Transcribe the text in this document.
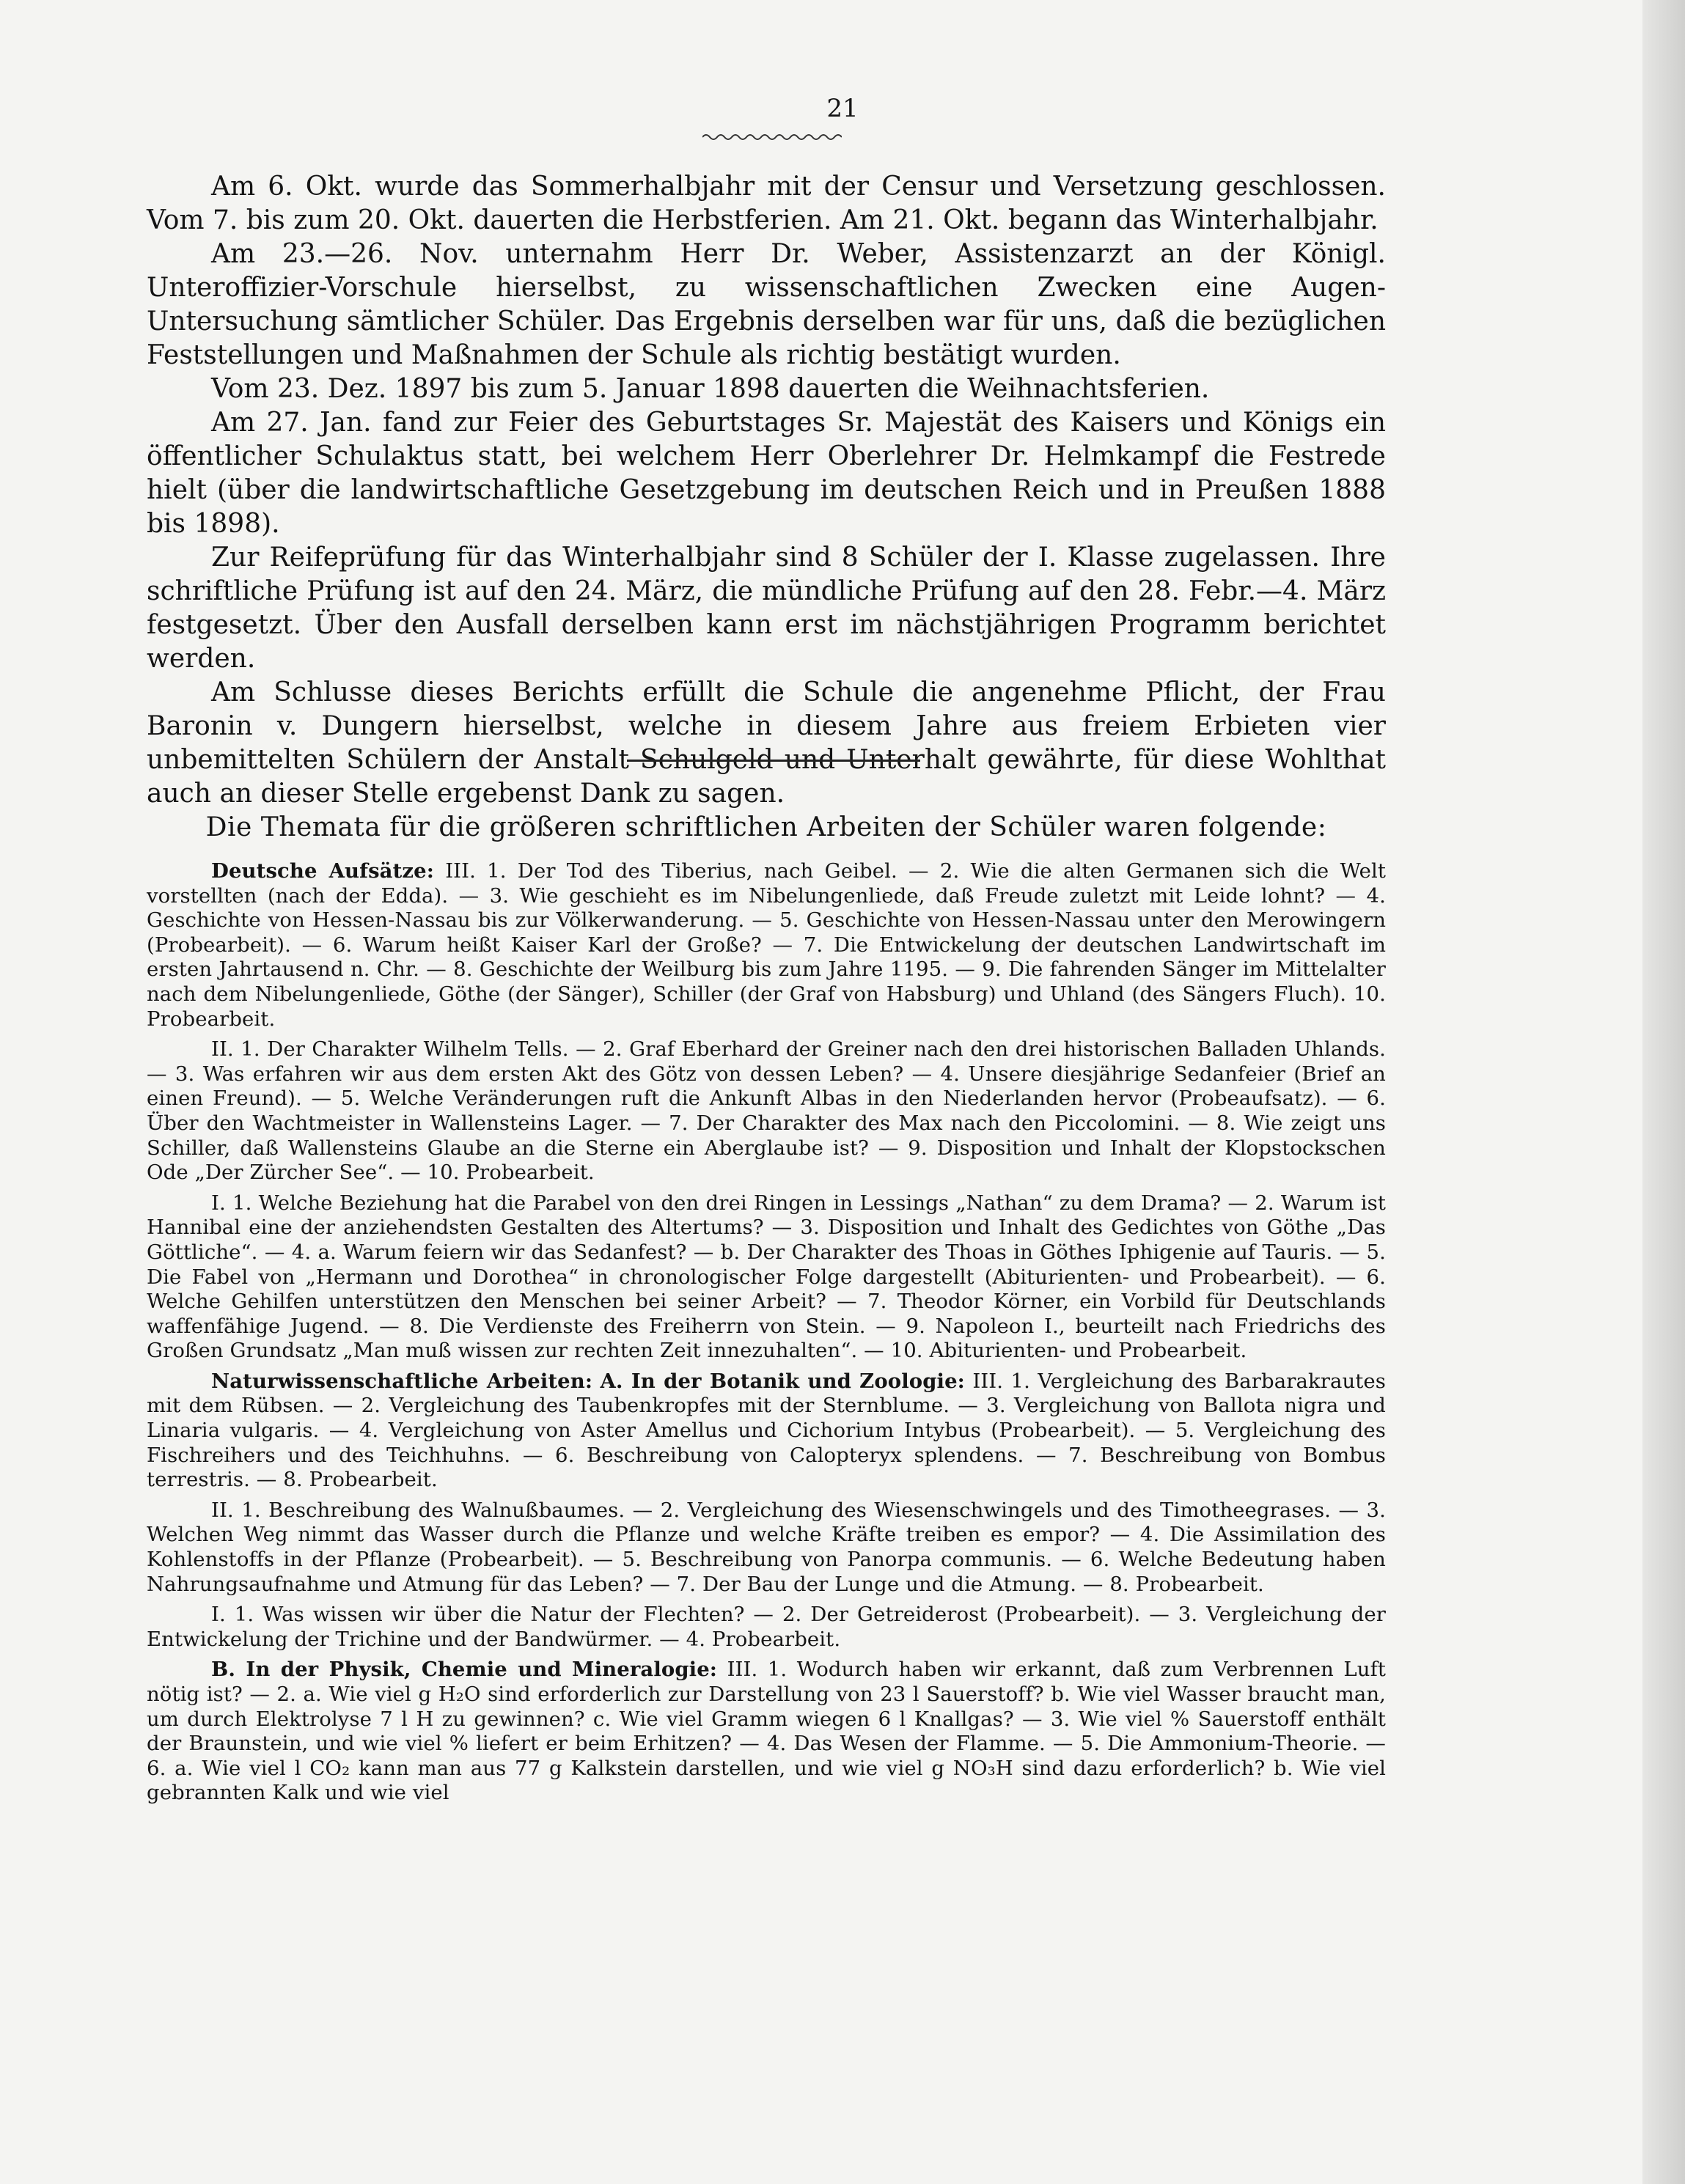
21

Am 6. Okt. wurde das Sommerhalbjahr mit der Censur und Versetzung geschlossen. Vom 7. bis zum 20. Okt. dauerten die Herbstferien. Am 21. Okt. begann das Winterhalbjahr.

Am 23.—26. Nov. unternahm Herr Dr. Weber, Assistenzarzt an der Königl. Unteroffizier-Vorschule hierselbst, zu wissenschaftlichen Zwecken eine Augen-Untersuchung sämtlicher Schüler. Das Ergebnis derselben war für uns, daß die bezüglichen Feststellungen und Maßnahmen der Schule als richtig bestätigt wurden.

Vom 23. Dez. 1897 bis zum 5. Januar 1898 dauerten die Weihnachtsferien.

Am 27. Jan. fand zur Feier des Geburtstages Sr. Majestät des Kaisers und Königs ein öffentlicher Schulaktus statt, bei welchem Herr Oberlehrer Dr. Helmkampf die Festrede hielt (über die landwirtschaftliche Gesetzgebung im deutschen Reich und in Preußen 1888 bis 1898).

Zur Reifeprüfung für das Winterhalbjahr sind 8 Schüler der I. Klasse zugelassen. Ihre schriftliche Prüfung ist auf den 24. März, die mündliche Prüfung auf den 28. Febr.—4. März festgesetzt. Über den Ausfall derselben kann erst im nächstjährigen Programm berichtet werden.

Am Schlusse dieses Berichts erfüllt die Schule die angenehme Pflicht, der Frau Baronin v. Dungern hierselbst, welche in diesem Jahre aus freiem Erbieten vier unbemittelten Schülern der Anstalt Schulgeld und Unterhalt gewährte, für diese Wohlthat auch an dieser Stelle ergebenst Dank zu sagen.

Die Themata für die größeren schriftlichen Arbeiten der Schüler waren folgende:

Deutsche Aufsätze: III. 1. Der Tod des Tiberius, nach Geibel. — 2. Wie die alten Germanen sich die Welt vorstellten (nach der Edda). — 3. Wie geschieht es im Nibelungenliede, daß Freude zuletzt mit Leide lohnt? — 4. Geschichte von Hessen-Nassau bis zur Völkerwanderung. — 5. Geschichte von Hessen-Nassau unter den Merowingern (Probearbeit). — 6. Warum heißt Kaiser Karl der Große? — 7. Die Entwickelung der deutschen Landwirtschaft im ersten Jahrtausend n. Chr. — 8. Geschichte der Weilburg bis zum Jahre 1195. — 9. Die fahrenden Sänger im Mittelalter nach dem Nibelungenliede, Göthe (der Sänger), Schiller (der Graf von Habsburg) und Uhland (des Sängers Fluch). 10. Probearbeit.

II. 1. Der Charakter Wilhelm Tells. — 2. Graf Eberhard der Greiner nach den drei historischen Balladen Uhlands. — 3. Was erfahren wir aus dem ersten Akt des Götz von dessen Leben? — 4. Unsere diesjährige Sedanfeier (Brief an einen Freund). — 5. Welche Veränderungen ruft die Ankunft Albas in den Niederlanden hervor (Probeaufsatz). — 6. Über den Wachtmeister in Wallensteins Lager. — 7. Der Charakter des Max nach den Piccolomini. — 8. Wie zeigt uns Schiller, daß Wallensteins Glaube an die Sterne ein Aberglaube ist? — 9. Disposition und Inhalt der Klopstockschen Ode „Der Zürcher See“. — 10. Probearbeit.

I. 1. Welche Beziehung hat die Parabel von den drei Ringen in Lessings „Nathan“ zu dem Drama? — 2. Warum ist Hannibal eine der anziehendsten Gestalten des Altertums? — 3. Disposition und Inhalt des Gedichtes von Göthe „Das Göttliche“. — 4. a. Warum feiern wir das Sedanfest? — b. Der Charakter des Thoas in Göthes Iphigenie auf Tauris. — 5. Die Fabel von „Hermann und Dorothea“ in chronologischer Folge dargestellt (Abiturienten- und Probearbeit). — 6. Welche Gehilfen unterstützen den Menschen bei seiner Arbeit? — 7. Theodor Körner, ein Vorbild für Deutschlands waffenfähige Jugend. — 8. Die Verdienste des Freiherrn von Stein. — 9. Napoleon I., beurteilt nach Friedrichs des Großen Grundsatz „Man muß wissen zur rechten Zeit innezuhalten“. — 10. Abiturienten- und Probearbeit.

Naturwissenschaftliche Arbeiten: A. In der Botanik und Zoologie: III. 1. Vergleichung des Barbarakrautes mit dem Rübsen. — 2. Vergleichung des Taubenkropfes mit der Sternblume. — 3. Vergleichung von Ballota nigra und Linaria vulgaris. — 4. Vergleichung von Aster Amellus und Cichorium Intybus (Probearbeit). — 5. Vergleichung des Fischreihers und des Teichhuhns. — 6. Beschreibung von Calopteryx splendens. — 7. Beschreibung von Bombus terrestris. — 8. Probearbeit.

II. 1. Beschreibung des Walnußbaumes. — 2. Vergleichung des Wiesenschwingels und des Timotheegrases. — 3. Welchen Weg nimmt das Wasser durch die Pflanze und welche Kräfte treiben es empor? — 4. Die Assimilation des Kohlenstoffs in der Pflanze (Probearbeit). — 5. Beschreibung von Panorpa communis. — 6. Welche Bedeutung haben Nahrungsaufnahme und Atmung für das Leben? — 7. Der Bau der Lunge und die Atmung. — 8. Probearbeit.

I. 1. Was wissen wir über die Natur der Flechten? — 2. Der Getreiderost (Probearbeit). — 3. Vergleichung der Entwickelung der Trichine und der Bandwürmer. — 4. Probearbeit.

B. In der Physik, Chemie und Mineralogie: III. 1. Wodurch haben wir erkannt, daß zum Verbrennen Luft nötig ist? — 2. a. Wie viel g H₂O sind erforderlich zur Darstellung von 23 l Sauerstoff? b. Wie viel Wasser braucht man, um durch Elektrolyse 7 l H zu gewinnen? c. Wie viel Gramm wiegen 6 l Knallgas? — 3. Wie viel % Sauerstoff enthält der Braunstein, und wie viel % liefert er beim Erhitzen? — 4. Das Wesen der Flamme. — 5. Die Ammonium-Theorie. — 6. a. Wie viel l CO₂ kann man aus 77 g Kalkstein darstellen, und wie viel g NO₃H sind dazu erforderlich? b. Wie viel gebrannten Kalk und wie viel
